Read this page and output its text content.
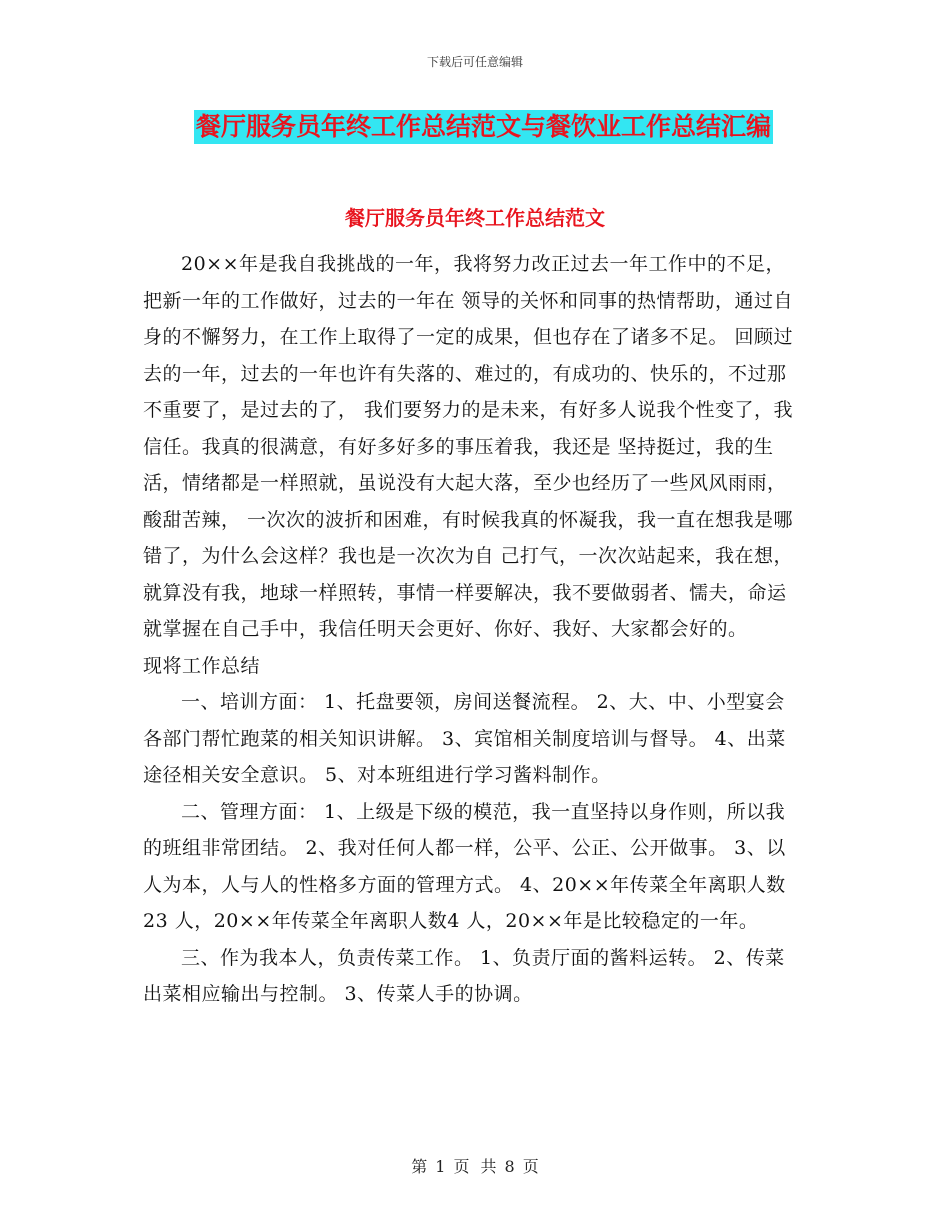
下载后可任意编辑
餐厅服务员年终工作总结范文与餐饮业工作总结汇编
餐厅服务员年终工作总结范文

20××年是我自我挑战的一年，我将努力改正过去一年工作中的不足，把新一年的工作做好，过去的一年在 领导的关怀和同事的热情帮助，通过自身的不懈努力，在工作上取得了一定的成果，但也存在了诸多不足。 回顾过去的一年，过去的一年也许有失落的、难过的，有成功的、快乐的，不过那不重要了，是过去的了， 我们要努力的是未来，有好多人说我个性变了，我信任。我真的很满意，有好多好多的事压着我，我还是 坚持挺过，我的生活，情绪都是一样照就，虽说没有大起大落，至少也经历了一些风风雨雨，酸甜苦辣， 一次次的波折和困难，有时候我真的怀凝我，我一直在想我是哪错了，为什么会这样？我也是一次次为自 己打气，一次次站起来，我在想，就算没有我，地球一样照转，事情一样要解决，我不要做弱者、懦夫，命运就掌握在自己手中，我信任明天会更好、你好、我好、大家都会好的。

现将工作总结

一、培训方面： 1、托盘要领，房间送餐流程。 2、大、中、小型宴会各部门帮忙跑菜的相关知识讲解。 3、宾馆相关制度培训与督导。 4、出菜途径相关安全意识。 5、对本班组进行学习酱料制作。

二、管理方面： 1、上级是下级的模范，我一直坚持以身作则，所以我的班组非常团结。 2、我对任何人都一样，公平、公正、公开做事。 3、以人为本，人与人的性格多方面的管理方式。 4、20××年传菜全年离职人数23 人，20××年传菜全年离职人数4 人，20××年是比较稳定的一年。

三、作为我本人，负责传菜工作。 1、负责厅面的酱料运转。 2、传菜出菜相应输出与控制。 3、传菜人手的协调。

第 1 页 共 8 页
